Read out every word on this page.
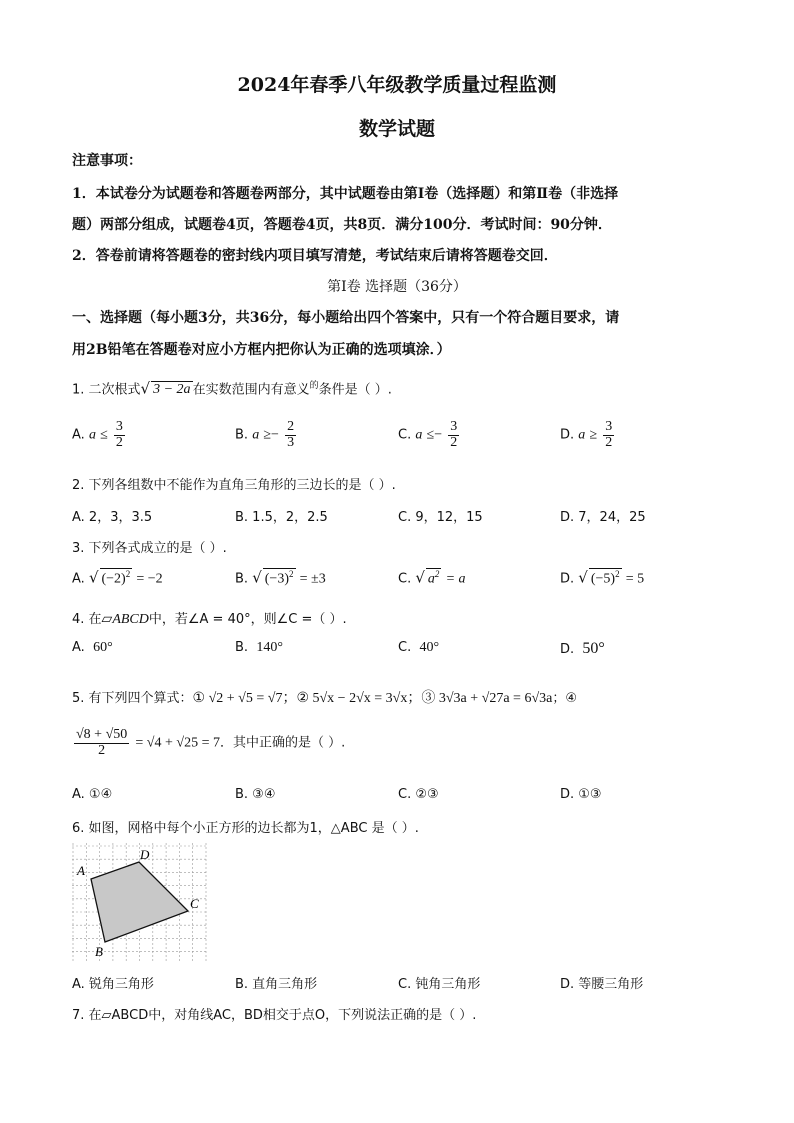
2024年春季八年级教学质量过程监测
数学试题
注意事项：
1．本试卷分为试题卷和答题卷两部分，其中试题卷由第Ⅰ卷（选择题）和第Ⅱ卷（非选择
题）两部分组成，试题卷4页，答题卷4页，共8页．满分100分．考试时间：90分钟．
2．答卷前请将答题卷的密封线内项目填写清楚，考试结束后请将答题卷交回．
第Ⅰ卷 选择题（36分）
一、选择题（每小题3分，共36分，每小题给出四个答案中，只有一个符合题目要求，请
用2B铅笔在答题卷对应小方框内把你认为正确的选项填涂．）
1. 二次根式√ 3 − 2a 在实数范围内有意义$^的$条件是（ ）.
A. $a \le \frac{3}{2}$	B. $a \ge- \frac{2}{3}$	C. $a \le- \frac{3}{2}$	D. $a \ge \frac{3}{2}$
2. 下列各组数中不能作为直角三角形的三边长的是（ ）.
A. 2，3，3.5	B. 1.5，2，2.5	C. 9，12，15	D. 7，24，25
3. 下列各式成立的是（ ）.
A. √ $(-2)^2 = -2$	B. √ $(-3)^2 = \pm 3$	C. √ $a^2 = a$	D. √ $(-5)^2 = 5$
4. 在▱ABCD中，若∠A = 40°，则∠C =（ ）.
A. 60°	B. 140°	C. 40°	D. 50°
5. 有下列四个算式：① √2 + √5 = √7；② 5√x − 2√x = 3√x；③ 3√3a + √27a = 6√3a；④
$\frac{√8 + √50}{2} = √4 + √25 = 7$．其中正确的是（ ）.
A. ①④	B. ③④	C. ②③	D. ①③
6. 如图，网格中每个小正方形的边长都为1，△ABC 是（ ）.
A
B
C
D
A. 锐角三角形	B. 直角三角形	C. 钝角三角形	D. 等腰三角形
7. 在▱ABCD中，对角线AC，BD相交于点O，下列说法正确的是（ ）.
